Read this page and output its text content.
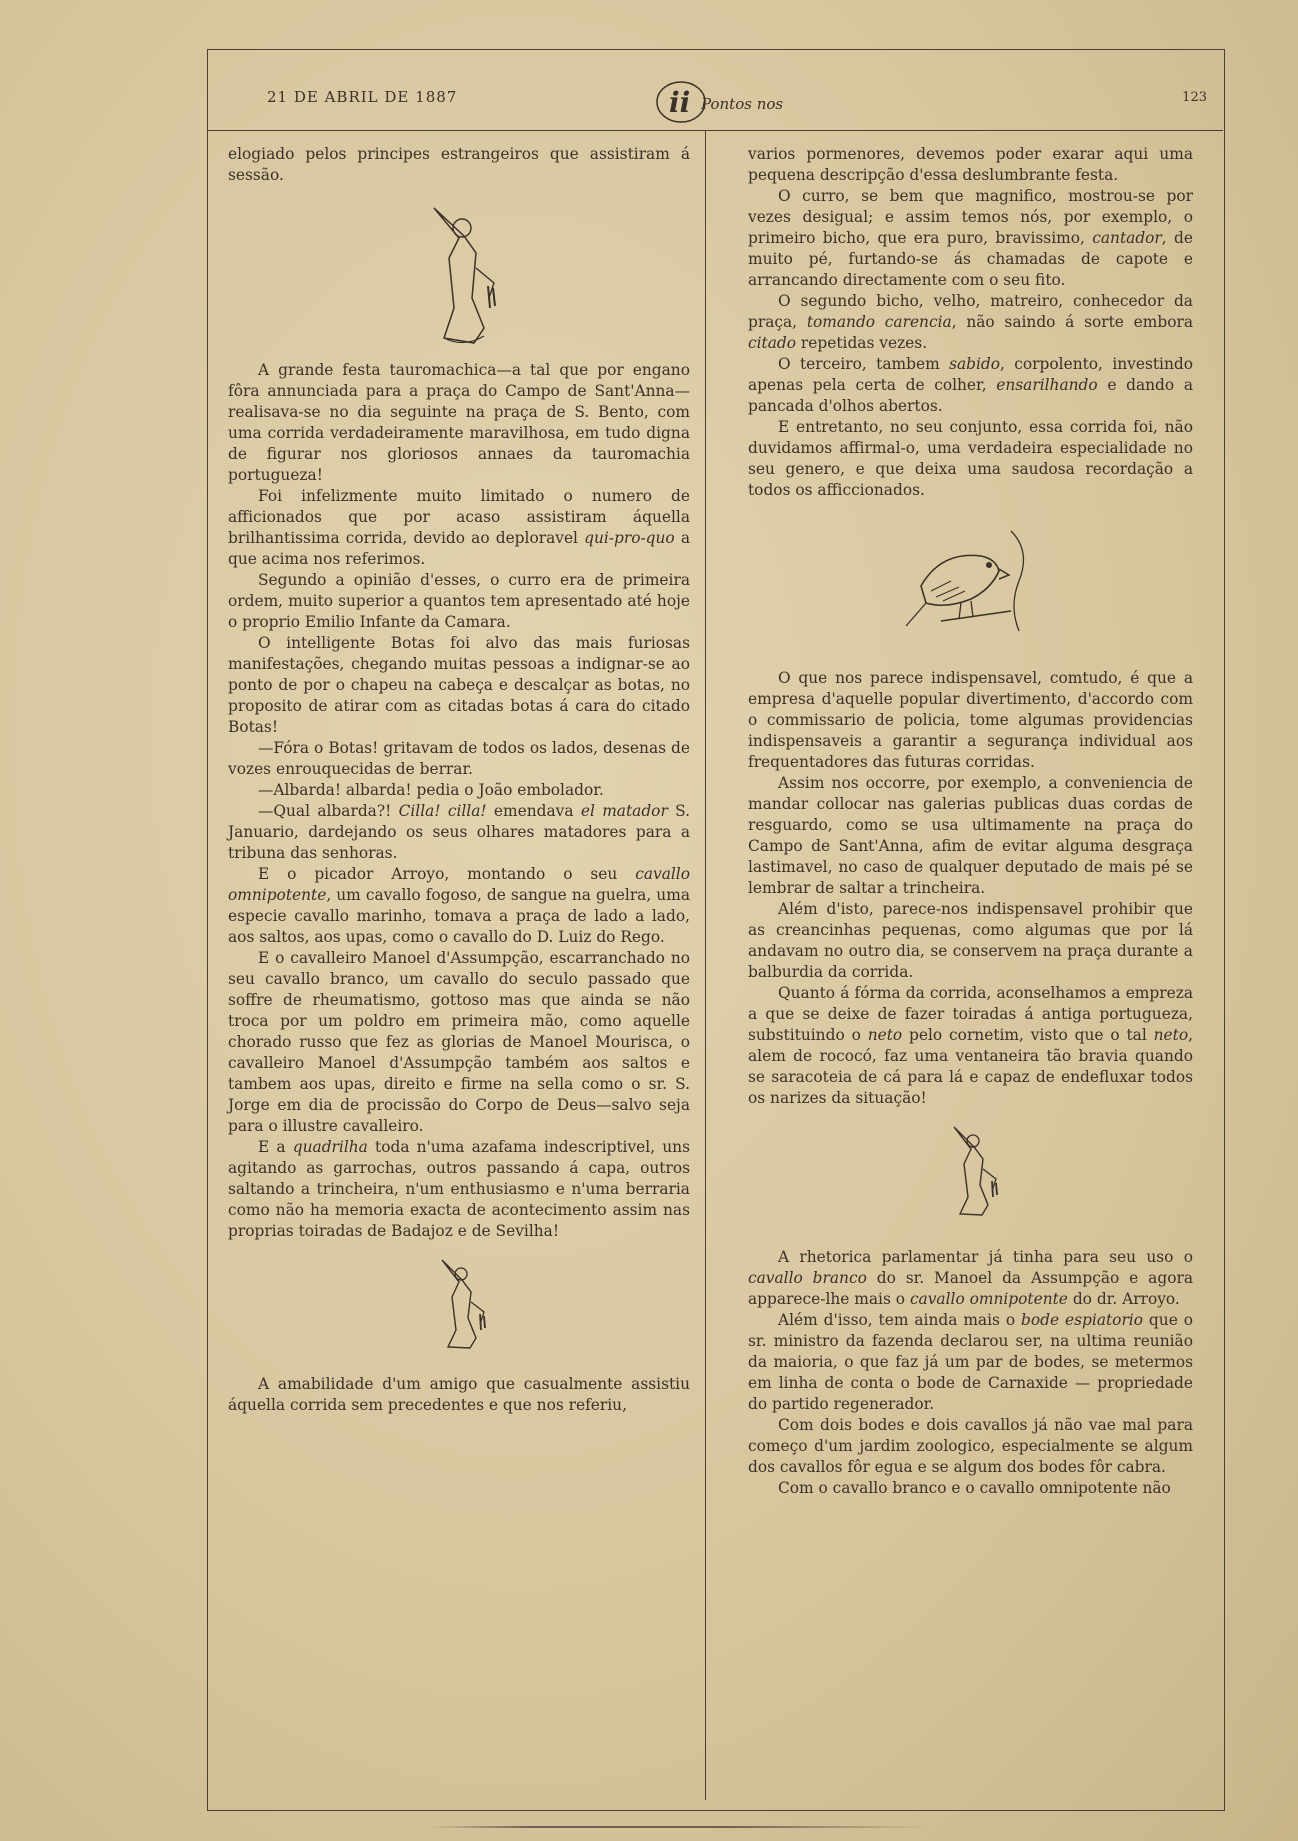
21 DE ABRIL DE 1887	ii Pontos nos	123

elogiado pelos principes estrangeiros que assistiram á sessão.

A grande festa tauromachica—a tal que por engano fôra annunciada para a praça do Campo de Sant'Anna—realisava-se no dia seguinte na praça de S. Bento, com uma corrida verdadeiramente maravilhosa, em tudo digna de figurar nos gloriosos annaes da tauromachia portugueza!

Foi infelizmente muito limitado o numero de afficionados que por acaso assistiram áquella brilhantissima corrida, devido ao deploravel qui-pro-quo a que acima nos referimos.

Segundo a opinião d'esses, o curro era de primeira ordem, muito superior a quantos tem apresentado até hoje o proprio Emilio Infante da Camara.

O intelligente Botas foi alvo das mais furiosas manifestações, chegando muitas pessoas a indignar-se ao ponto de por o chapeu na cabeça e descalçar as botas, no proposito de atirar com as citadas botas á cara do citado Botas!

—Fóra o Botas! gritavam de todos os lados, desenas de vozes enrouquecidas de berrar.

—Albarda! albarda! pedia o João embolador.

—Qual albarda?! Cilla! cilla! emendava el matador S. Januario, dardejando os seus olhares matadores para a tribuna das senhoras.

E o picador Arroyo, montando o seu cavallo omnipotente, um cavallo fogoso, de sangue na guelra, uma especie cavallo marinho, tomava a praça de lado a lado, aos saltos, aos upas, como o cavallo do D. Luiz do Rego.

E o cavalleiro Manoel d'Assumpção, escarranchado no seu cavallo branco, um cavallo do seculo passado que soffre de rheumatismo, gottoso mas que ainda se não troca por um poldro em primeira mão, como aquelle chorado russo que fez as glorias de Manoel Mourisca, o cavalleiro Manoel d'Assumpção também aos saltos e tambem aos upas, direito e firme na sella como o sr. S. Jorge em dia de procissão do Corpo de Deus—salvo seja para o illustre cavalleiro.

E a quadrilha toda n'uma azafama indescriptivel, uns agitando as garrochas, outros passando á capa, outros saltando a trincheira, n'um enthusiasmo e n'uma berraria como não ha memoria exacta de acontecimento assim nas proprias toiradas de Badajoz e de Sevilha!

A amabilidade d'um amigo que casualmente assistiu áquella corrida sem precedentes e que nos referiu,

varios pormenores, devemos poder exarar aqui uma pequena descripção d'essa deslumbrante festa.

O curro, se bem que magnifico, mostrou-se por vezes desigual; e assim temos nós, por exemplo, o primeiro bicho, que era puro, bravissimo, cantador, de muito pé, furtando-se ás chamadas de capote e arrancando directamente com o seu fito.

O segundo bicho, velho, matreiro, conhecedor da praça, tomando carencia, não saindo á sorte embora citado repetidas vezes.

O terceiro, tambem sabido, corpolento, investindo apenas pela certa de colher, ensarilhando e dando a pancada d'olhos abertos.

E entretanto, no seu conjunto, essa corrida foi, não duvidamos affirmal-o, uma verdadeira especialidade no seu genero, e que deixa uma saudosa recordação a todos os afficcionados.

O que nos parece indispensavel, comtudo, é que a empresa d'aquelle popular divertimento, d'accordo com o commissario de policia, tome algumas providencias indispensaveis a garantir a segurança individual aos frequentadores das futuras corridas.

Assim nos occorre, por exemplo, a conveniencia de mandar collocar nas galerias publicas duas cordas de resguardo, como se usa ultimamente na praça do Campo de Sant'Anna, afim de evitar alguma desgraça lastimavel, no caso de qualquer deputado de mais pé se lembrar de saltar a trincheira.

Além d'isto, parece-nos indispensavel prohibir que as creancinhas pequenas, como algumas que por lá andavam no outro dia, se conservem na praça durante a balburdia da corrida.

Quanto á fórma da corrida, aconselhamos a empreza a que se deixe de fazer toiradas á antiga portugueza, substituindo o neto pelo cornetim, visto que o tal neto, alem de rococó, faz uma ventaneira tão bravia quando se saracoteia de cá para lá e capaz de endefluxar todos os narizes da situação!

A rhetorica parlamentar já tinha para seu uso o cavallo branco do sr. Manoel da Assumpção e agora apparece-lhe mais o cavallo omnipotente do dr. Arroyo.

Além d'isso, tem ainda mais o bode espiatorio que o sr. ministro da fazenda declarou ser, na ultima reunião da maioria, o que faz já um par de bodes, se metermos em linha de conta o bode de Carnaxide — propriedade do partido regenerador.

Com dois bodes e dois cavallos já não vae mal para começo d'um jardim zoologico, especialmente se algum dos cavallos fôr egua e se algum dos bodes fôr cabra.

Com o cavallo branco e o cavallo omnipotente não
